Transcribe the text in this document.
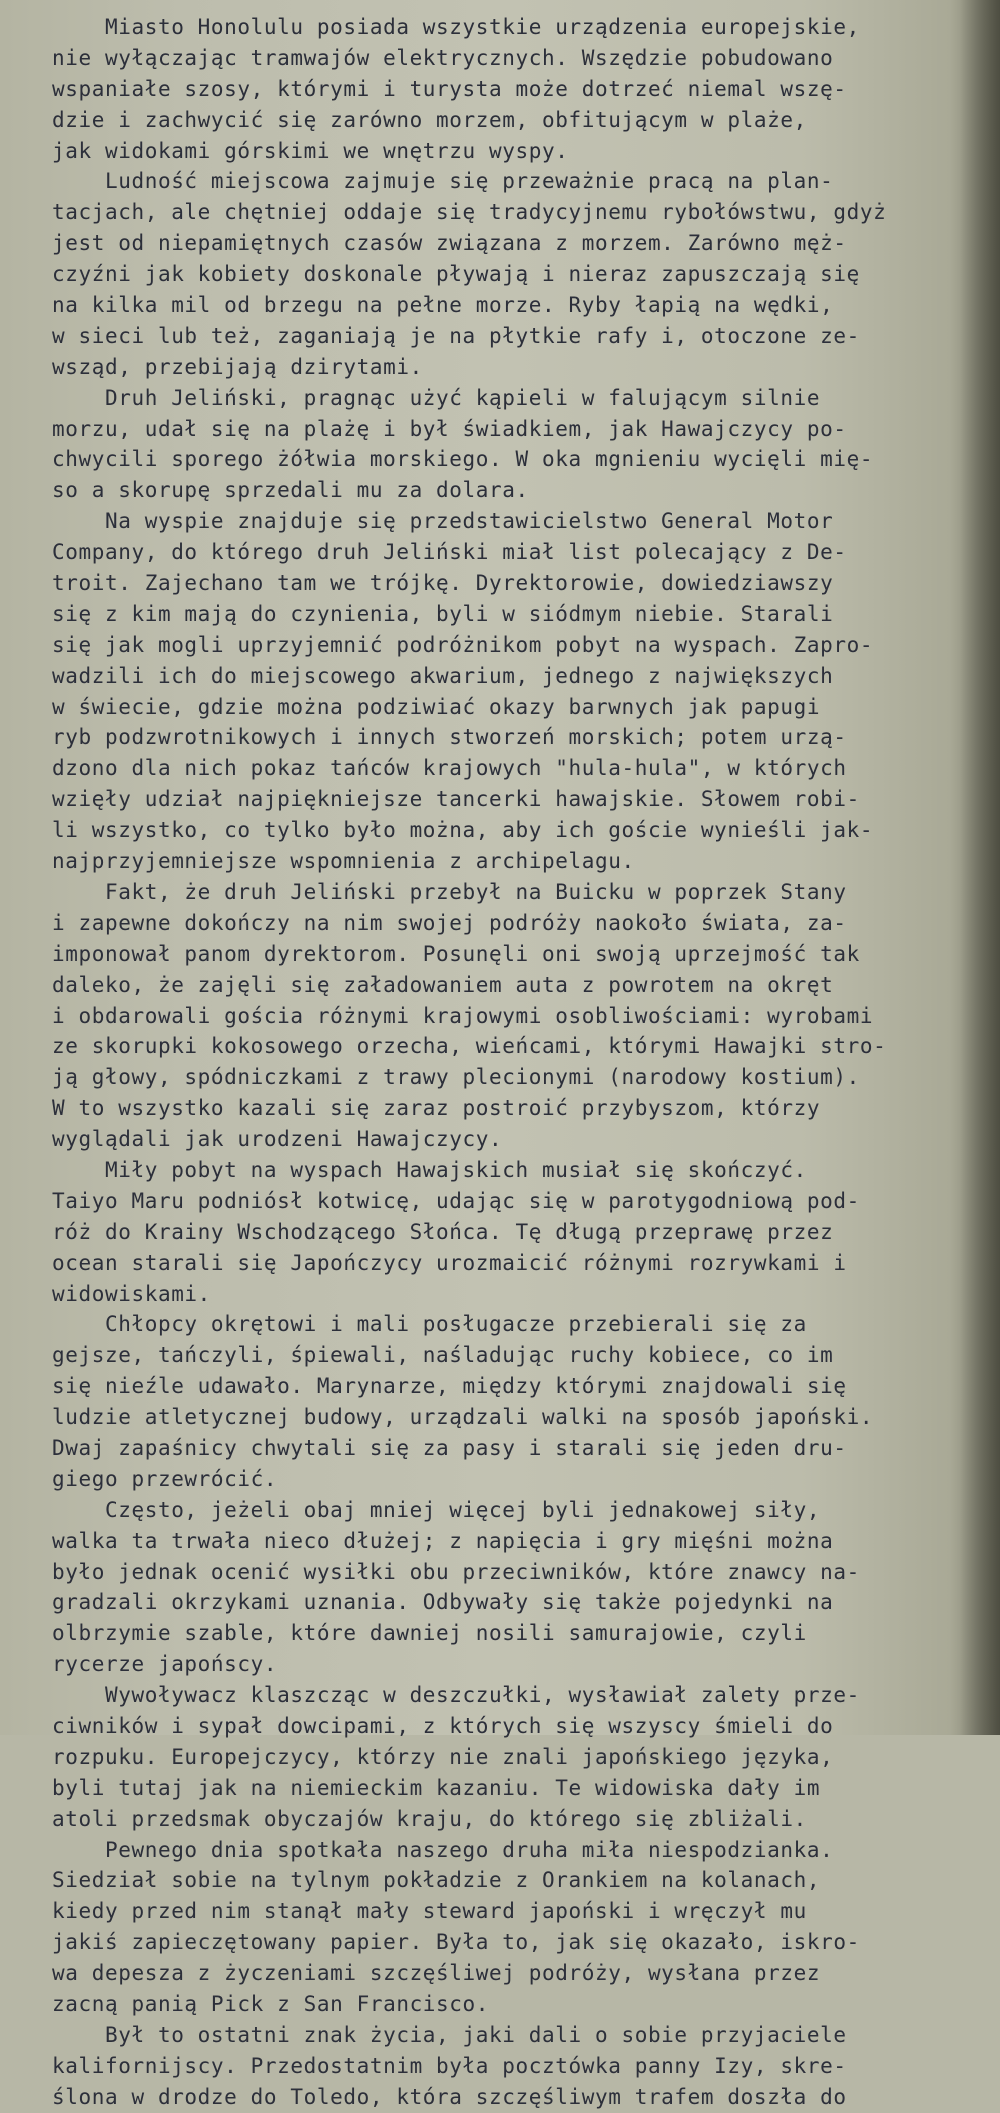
Miasto Honolulu posiada wszystkie urządzenia europejskie,
nie wyłączając tramwajów elektrycznych. Wszędzie pobudowano
wspaniałe szosy, którymi i turysta może dotrzeć niemal wszę-
dzie i zachwycić się zarówno morzem, obfitującym w plaże,
jak widokami górskimi we wnętrzu wyspy.
Ludność miejscowa zajmuje się przeważnie pracą na plan-
tacjach, ale chętniej oddaje się tradycyjnemu rybołówstwu, gdyż
jest od niepamiętnych czasów związana z morzem. Zarówno męż-
czyźni jak kobiety doskonale pływają i nieraz zapuszczają się
na kilka mil od brzegu na pełne morze. Ryby łapią na wędki,
w sieci lub też, zaganiają je na płytkie rafy i, otoczone ze-
wsząd, przebijają dzirytami.
Druh Jeliński, pragnąc użyć kąpieli w falującym silnie
morzu, udał się na plażę i był świadkiem, jak Hawajczycy po-
chwycili sporego żółwia morskiego. W oka mgnieniu wycięli mię-
so a skorupę sprzedali mu za dolara.
Na wyspie znajduje się przedstawicielstwo General Motor
Company, do którego druh Jeliński miał list polecający z De-
troit. Zajechano tam we trójkę. Dyrektorowie, dowiedziawszy
się z kim mają do czynienia, byli w siódmym niebie. Starali
się jak mogli uprzyjemnić podróżnikom pobyt na wyspach. Zapro-
wadzili ich do miejscowego akwarium, jednego z największych
w świecie, gdzie można podziwiać okazy barwnych jak papugi
ryb podzwrotnikowych i innych stworzeń morskich; potem urzą-
dzono dla nich pokaz tańców krajowych "hula-hula", w których
wzięły udział najpiękniejsze tancerki hawajskie. Słowem robi-
li wszystko, co tylko było można, aby ich goście wynieśli jak-
najprzyjemniejsze wspomnienia z archipelagu.
Fakt, że druh Jeliński przebył na Buicku w poprzek Stany
i zapewne dokończy na nim swojej podróży naokoło świata, za-
imponował panom dyrektorom. Posunęli oni swoją uprzejmość tak
daleko, że zajęli się załadowaniem auta z powrotem na okręt
i obdarowali gościa różnymi krajowymi osobliwościami: wyrobami
ze skorupki kokosowego orzecha, wieńcami, którymi Hawajki stro-
ją głowy, spódniczkami z trawy plecionymi (narodowy kostium).
W to wszystko kazali się zaraz postroić przybyszom, którzy
wyglądali jak urodzeni Hawajczycy.
Miły pobyt na wyspach Hawajskich musiał się skończyć.
Taiyo Maru podniósł kotwicę, udając się w parotygodniową pod-
róż do Krainy Wschodzącego Słońca. Tę długą przeprawę przez
ocean starali się Japończycy urozmaicić różnymi rozrywkami i
widowiskami.
Chłopcy okrętowi i mali posługacze przebierali się za
gejsze, tańczyli, śpiewali, naśladując ruchy kobiece, co im
się nieźle udawało. Marynarze, między którymi znajdowali się
ludzie atletycznej budowy, urządzali walki na sposób japoński.
Dwaj zapaśnicy chwytali się za pasy i starali się jeden dru-
giego przewrócić.
Często, jeżeli obaj mniej więcej byli jednakowej siły,
walka ta trwała nieco dłużej; z napięcia i gry mięśni można
było jednak ocenić wysiłki obu przeciwników, które znawcy na-
gradzali okrzykami uznania. Odbywały się także pojedynki na
olbrzymie szable, które dawniej nosili samurajowie, czyli
rycerze japońscy.
Wywoływacz klaszcząc w deszczułki, wysławiał zalety prze-
ciwników i sypał dowcipami, z których się wszyscy śmieli do
rozpuku. Europejczycy, którzy nie znali japońskiego języka,
byli tutaj jak na niemieckim kazaniu. Te widowiska dały im
atoli przedsmak obyczajów kraju, do którego się zbliżali.
Pewnego dnia spotkała naszego druha miła niespodzianka.
Siedział sobie na tylnym pokładzie z Orankiem na kolanach,
kiedy przed nim stanął mały steward japoński i wręczył mu
jakiś zapieczętowany papier. Była to, jak się okazało, iskro-
wa depesza z życzeniami szczęśliwej podróży, wysłana przez
zacną panią Pick z San Francisco.
Był to ostatni znak życia, jaki dali o sobie przyjaciele
kalifornijscy. Przedostatnim była pocztówka panny Izy, skre-
ślona w drodze do Toledo, która szczęśliwym trafem doszła do
